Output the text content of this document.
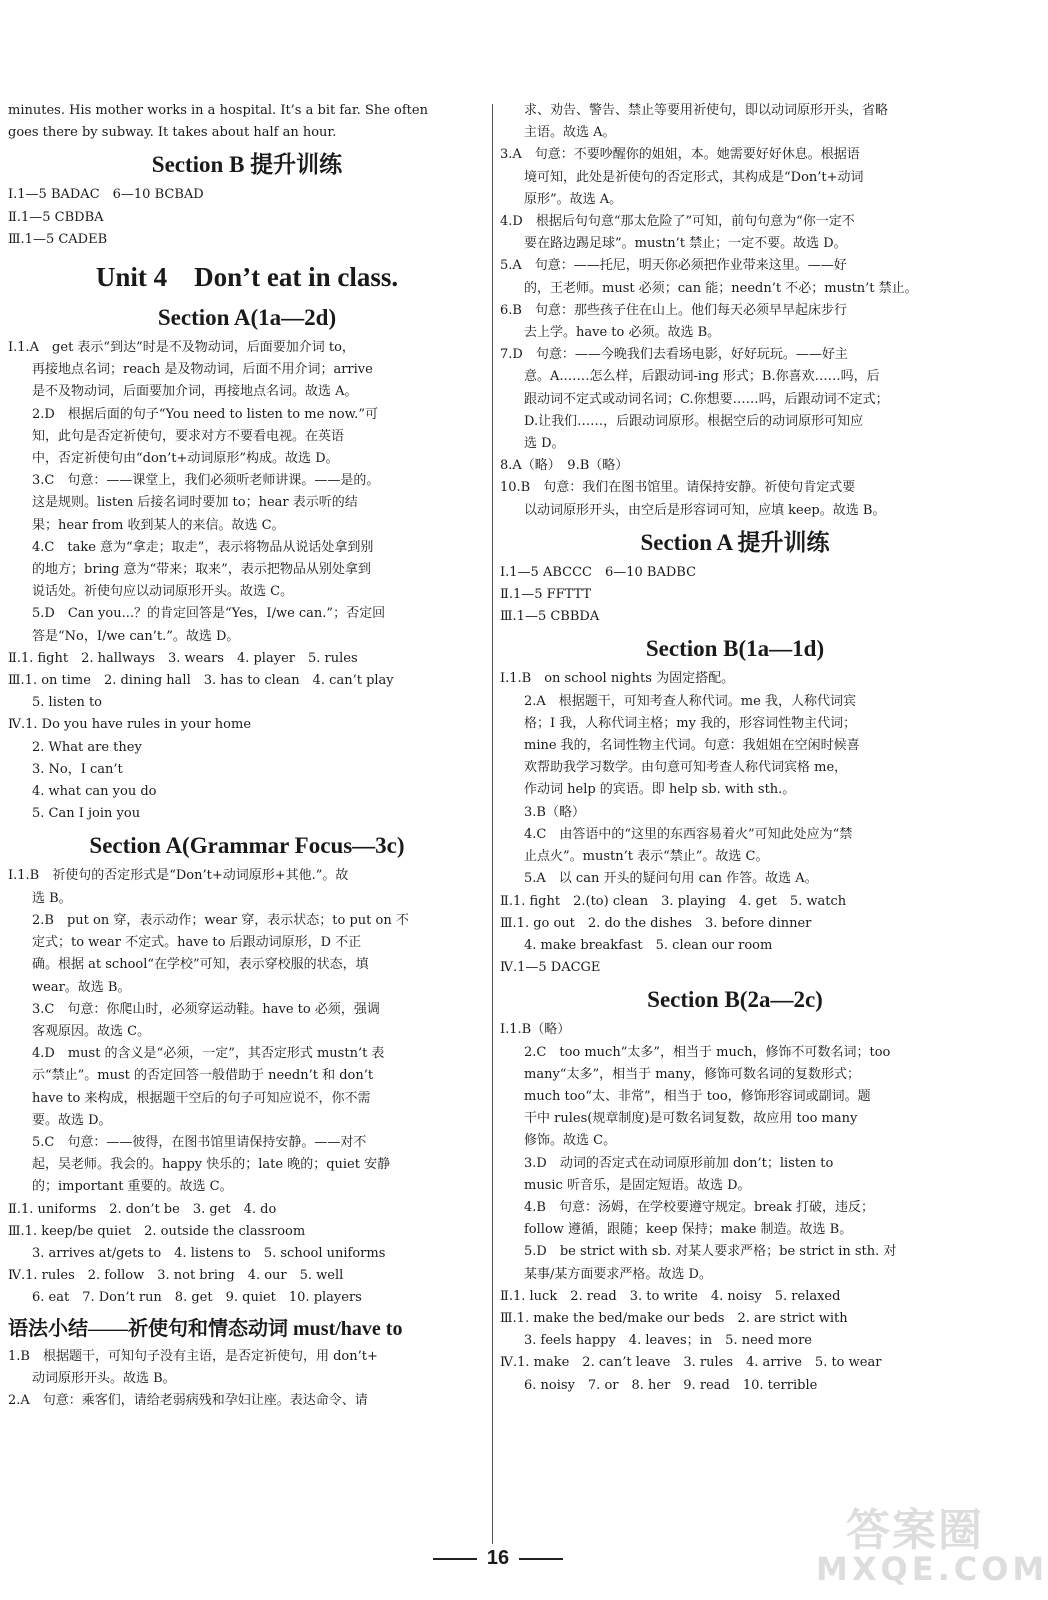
minutes. His mother works in a hospital. It’s a bit far. She often

goes there by subway. It takes about half an hour.

Section B 提升训练

Ⅰ.1—5 BADAC　6—10 BCBAD

Ⅱ.1—5 CBDBA

Ⅲ.1—5 CADEB

Unit 4　Don’t eat in class.
Section A(1a—2d)

Ⅰ.1.A　get 表示“到达”时是不及物动词，后面要加介词 to，

再接地点名词；reach 是及物动词，后面不用介词；arrive

是不及物动词，后面要加介词，再接地点名词。故选 A。

2.D　根据后面的句子“You need to listen to me now.”可

知，此句是否定祈使句，要求对方不要看电视。在英语

中，否定祈使句由“don’t+动词原形”构成。故选 D。

3.C　句意：——课堂上，我们必须听老师讲课。——是的。

这是规则。listen 后接名词时要加 to；hear 表示听的结

果；hear from 收到某人的来信。故选 C。

4.C　take 意为“拿走；取走”，表示将物品从说话处拿到别

的地方；bring 意为“带来；取来”，表示把物品从别处拿到

说话处。祈使句应以动词原形开头。故选 C。

5.D　Can you...？的肯定回答是“Yes，I/we can.”；否定回

答是“No，I/we can’t.”。故选 D。

Ⅱ.1. fight　2. hallways　3. wears　4. player　5. rules

Ⅲ.1. on time　2. dining hall　3. has to clean　4. can’t play

5. listen to

Ⅳ.1. Do you have rules in your home

2. What are they

3. No，I can’t

4. what can you do

5. Can I join you

Section A(Grammar Focus—3c)

Ⅰ.1.B　祈使句的否定形式是“Don’t+动词原形+其他.”。故

选 B。

2.B　put on 穿，表示动作；wear 穿，表示状态；to put on 不

定式；to wear 不定式。have to 后跟动词原形，D 不正

确。根据 at school“在学校”可知，表示穿校服的状态，填

wear。故选 B。

3.C　句意：你爬山时，必须穿运动鞋。have to 必须，强调

客观原因。故选 C。

4.D　must 的含义是“必须，一定”，其否定形式 mustn’t 表

示“禁止”。must 的否定回答一般借助于 needn’t 和 don’t

have to 来构成，根据题干空后的句子可知应说不，你不需

要。故选 D。

5.C　句意：——彼得，在图书馆里请保持安静。——对不

起，吴老师。我会的。happy 快乐的；late 晚的；quiet 安静

的；important 重要的。故选 C。

Ⅱ.1. uniforms　2. don’t be　3. get　4. do

Ⅲ.1. keep/be quiet　2. outside the classroom

3. arrives at/gets to　4. listens to　5. school uniforms

Ⅳ.1. rules　2. follow　3. not bring　4. our　5. well

6. eat　7. Don’t run　8. get　9. quiet　10. players

语法小结——祈使句和情态动词 must/have to

1.B　根据题干，可知句子没有主语，是否定祈使句，用 don’t+

动词原形开头。故选 B。

2.A　句意：乘客们，请给老弱病残和孕妇让座。表达命令、请

求、劝告、警告、禁止等要用祈使句，即以动词原形开头，省略

主语。故选 A。

3.A　句意：不要吵醒你的姐姐，本。她需要好好休息。根据语

境可知，此处是祈使句的否定形式，其构成是“Don’t+动词

原形”。故选 A。

4.D　根据后句句意“那太危险了”可知，前句句意为“你一定不

要在路边踢足球”。mustn’t 禁止；一定不要。故选 D。

5.A　句意：——托尼，明天你必须把作业带来这里。——好

的，王老师。must 必须；can 能；needn’t 不必；mustn’t 禁止。

6.B　句意：那些孩子住在山上。他们每天必须早早起床步行

去上学。have to 必须。故选 B。

7.D　句意：——今晚我们去看场电影，好好玩玩。——好主

意。A.……怎么样，后跟动词-ing 形式；B.你喜欢……吗，后

跟动词不定式或动词名词；C.你想要……吗，后跟动词不定式；

D.让我们……，后跟动词原形。根据空后的动词原形可知应

选 D。

8.A（略）　9.B（略）

10.B　句意：我们在图书馆里。请保持安静。祈使句肯定式要

以动词原形开头，由空后是形容词可知，应填 keep。故选 B。

Section A 提升训练

Ⅰ.1—5 ABCCC　6—10 BADBC

Ⅱ.1—5 FFTTT

Ⅲ.1—5 CBBDA

Section B(1a—1d)

Ⅰ.1.B　on school nights 为固定搭配。

2.A　根据题干，可知考查人称代词。me 我，人称代词宾

格；I 我，人称代词主格；my 我的，形容词性物主代词；

mine 我的，名词性物主代词。句意：我姐姐在空闲时候喜

欢帮助我学习数学。由句意可知考查人称代词宾格 me，

作动词 help 的宾语。即 help sb. with sth.。

3.B（略）

4.C　由答语中的“这里的东西容易着火”可知此处应为“禁

止点火”。mustn’t 表示“禁止”。故选 C。

5.A　以 can 开头的疑问句用 can 作答。故选 A。

Ⅱ.1. fight　2.(to) clean　3. playing　4. get　5. watch

Ⅲ.1. go out　2. do the dishes　3. before dinner

4. make breakfast　5. clean our room

Ⅳ.1—5 DACGE

Section B(2a—2c)

Ⅰ.1.B（略）

2.C　too much“太多”，相当于 much，修饰不可数名词；too

many“太多”，相当于 many，修饰可数名词的复数形式；

much too“太、非常”，相当于 too，修饰形容词或副词。题

干中 rules(规章制度)是可数名词复数，故应用 too many

修饰。故选 C。

3.D　动词的否定式在动词原形前加 don’t；listen to

music 听音乐，是固定短语。故选 D。

4.B　句意：汤姆，在学校要遵守规定。break 打破，违反；

follow 遵循，跟随；keep 保持；make 制造。故选 B。

5.D　be strict with sb. 对某人要求严格；be strict in sth. 对

某事/某方面要求严格。故选 D。

Ⅱ.1. luck　2. read　3. to write　4. noisy　5. relaxed

Ⅲ.1. make the bed/make our beds　2. are strict with

3. feels happy　4. leaves；in　5. need more

Ⅳ.1. make　2. can’t leave　3. rules　4. arrive　5. to wear

6. noisy　7. or　8. her　9. read　10. terrible

16
答案圈
MXQE.COM
